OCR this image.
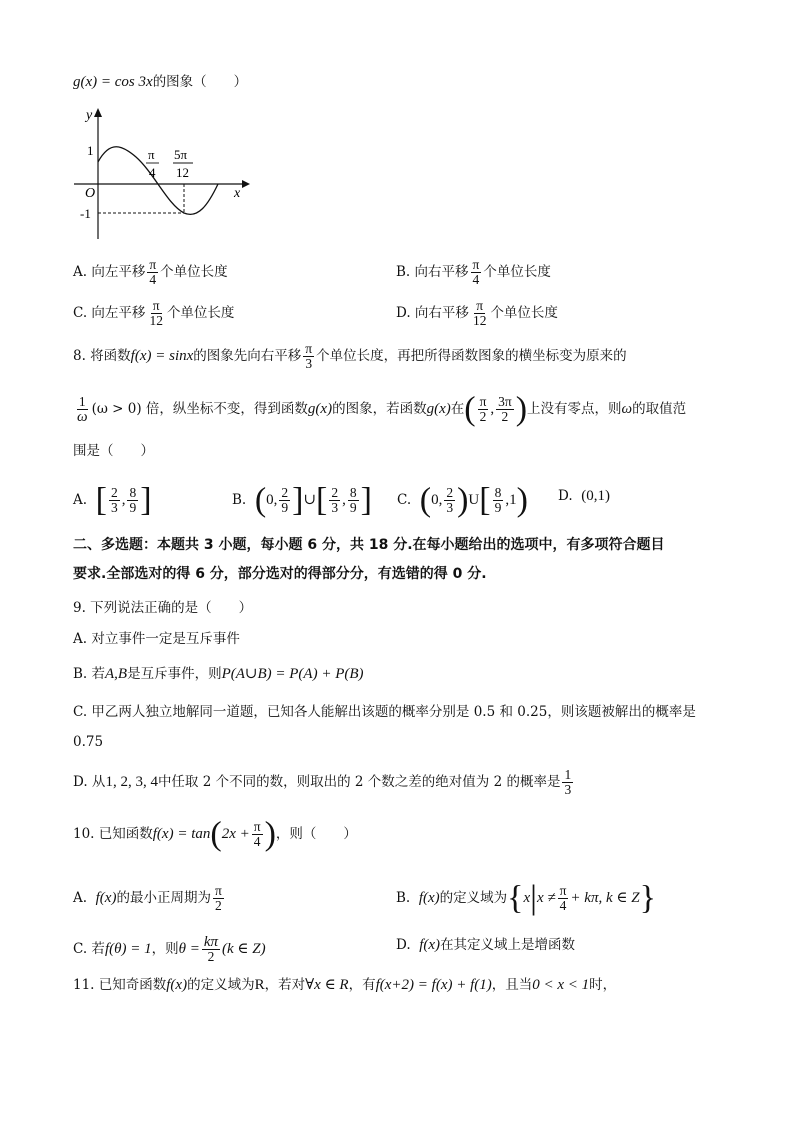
g(x) = cos 3x的图象（　　）
y
x
O
1
-1
π
4
5π
12
A. 向左平移 $\frac{\pi}{4}$ 个单位长度	B. 向右平移 $\frac{\pi}{4}$ 个单位长度
C. 向左平移 $\frac{\pi}{12}$ 个单位长度	D. 向右平移 $\frac{\pi}{12}$ 个单位长度
8. 将函数f(x) = sinx的图象先向右平移 $\frac{\pi}{3}$ 个单位长度，再把所得函数图象的横坐标变为原来的
$\frac{1}{\omega} (\omega > 0)$ 倍，纵坐标不变，得到函数g(x)的图象，若函数g(x)在( $\frac{\pi}{2}$ , $\frac{3\pi}{2}$ )上没有零点，则ω的取值范
围是（　　）
A. [ $\frac{2}{3}$ , $\frac{8}{9}$ ]	B. (0, $\frac{2}{9}$ ]∪[ $\frac{2}{3}$ , $\frac{8}{9}$ ] C. (0, $\frac{2}{3} )U[ \frac{8}{9} ,1)$ D. (0,1)
二、多选题：本题共 3 小题，每小题 6 分，共 18 分.在每小题给出的选项中，有多项符合题目
要求.全部选对的得 6 分，部分选对的得部分分，有选错的得 0 分.
9. 下列说法正确的是（　　）
A. 对立事件一定是互斥事件
B. 若A,B是互斥事件，则P(A∪B) = P(A) + P(B)
C. 甲乙两人独立地解同一道题，已知各人能解出该题的概率分别是 0.5 和 0.25，则该题被解出的概率是
0.75
D. 从1, 2, 3, 4中任取 2 个不同的数，则取出的 2 个数之差的绝对值为 2 的概率是 $\frac{1}{3}$
10. 已知函数$f(x) = \tan(2x + \frac{\pi}{4}$ )，则（　　）
A. f(x)的最小正周期为 $\frac{\pi}{2}$	B. f(x)的定义域为{$x|x \ne \frac{\pi}{4} + k\pi$, k ∈ Z}
C. 若f(θ) = 1，则$\theta = \frac{k\pi}{2} (k$ ∈ Z)	D. f(x)在其定义域上是增函数
11. 已知奇函数f(x)的定义域为R，若对∀x ∈ R，有f(x+2) = f(x) + f(1)，且当0 < x < 1时，
